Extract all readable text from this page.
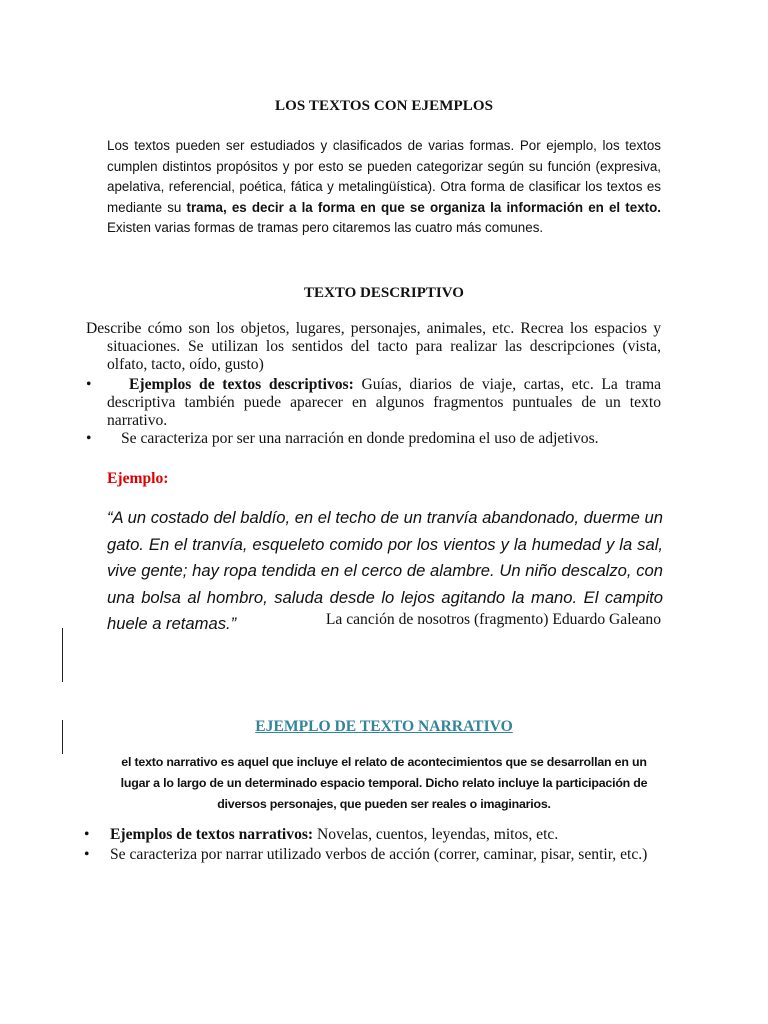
LOS TEXTOS CON EJEMPLOS
Los textos pueden ser estudiados y clasificados de varias formas. Por ejemplo, los textos cumplen distintos propósitos y por esto se pueden categorizar según su función (expresiva, apelativa, referencial, poética, fática y metalingüística). Otra forma de clasificar los textos es mediante su trama, es decir a la forma en que se organiza la información en el texto. Existen varias formas de tramas pero citaremos las cuatro más comunes.
TEXTO DESCRIPTIVO
Describe cómo son los objetos, lugares, personajes, animales, etc. Recrea los espacios y situaciones. Se utilizan los sentidos del tacto para realizar las descripciones (vista, olfato, tacto, oído, gusto)
•	Ejemplos de textos descriptivos: Guías, diarios de viaje, cartas, etc. La trama descriptiva también puede aparecer en algunos fragmentos puntuales de un texto narrativo.
•	Se caracteriza por ser una narración en donde predomina el uso de adjetivos.
Ejemplo:
“A un costado del baldío, en el techo de un tranvía abandonado, duerme un gato. En el tranvía, esqueleto comido por los vientos y la humedad y la sal, vive gente; hay ropa tendida en el cerco de alambre. Un niño descalzo, con una bolsa al hombro, saluda desde lo lejos agitando la mano. El campito huele a retamas.”	La canción de nosotros (fragmento) Eduardo Galeano
EJEMPLO DE TEXTO NARRATIVO
el texto narrativo es aquel que incluye el relato de acontecimientos que se desarrollan en un lugar a lo largo de un determinado espacio temporal. Dicho relato incluye la participación de diversos personajes, que pueden ser reales o imaginarios.
• Ejemplos de textos narrativos: Novelas, cuentos, leyendas, mitos, etc.
• Se caracteriza por narrar utilizado verbos de acción (correr, caminar, pisar, sentir, etc.)
